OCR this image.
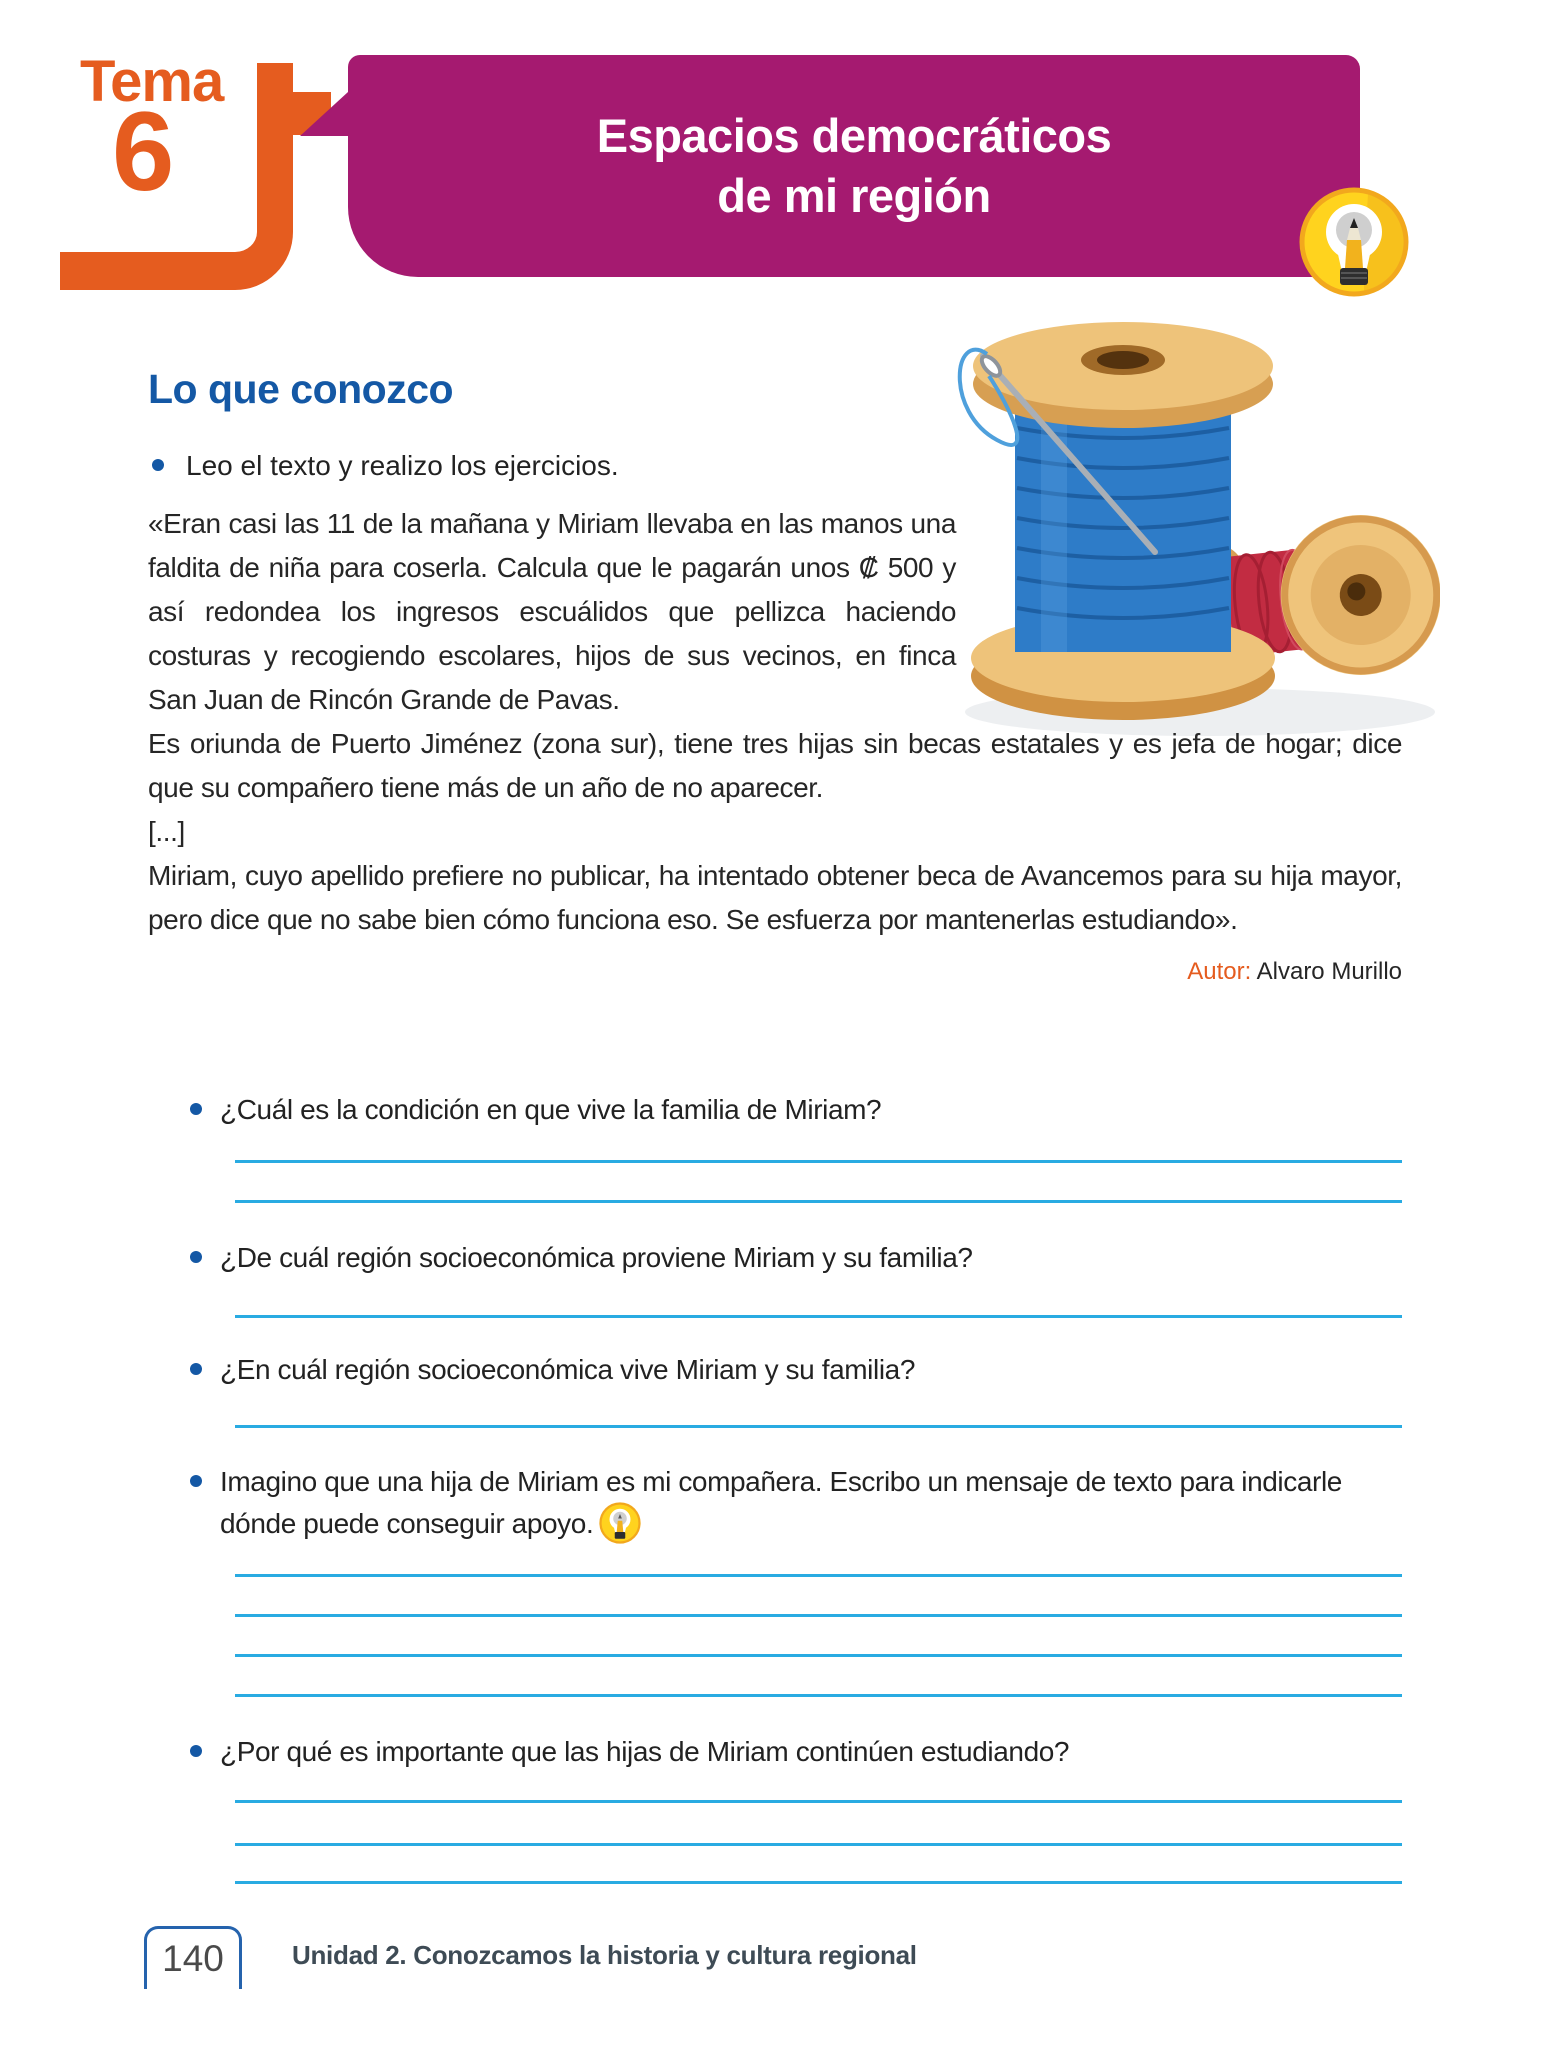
Tema
6	Espacios democráticos
de mi región
Lo que conozco
Leo el texto y realizo los ejercicios.

«Eran casi las 11 de la mañana y Miriam llevaba en las manos una faldita de niña para coserla. Calcula que le pagarán unos ₡ 500 y así redondea los ingresos escuálidos que pellizca haciendo costuras y recogiendo escolares, hijos de sus vecinos, en finca San Juan de Rincón Grande de Pavas.

Es oriunda de Puerto Jiménez (zona sur), tiene tres hijas sin becas estatales y es jefa de hogar; dice que su compañero tiene más de un año de no aparecer.

[...]

Miriam, cuyo apellido prefiere no publicar, ha intentado obtener beca de Avancemos para su hija mayor, pero dice que no sabe bien cómo funciona eso. Se esfuerza por mantenerlas estudiando».

Autor: Alvaro Murillo
¿Cuál es la condición en que vive la familia de Miriam?
¿De cuál región socioeconómica proviene Miriam y su familia?
¿En cuál región socioeconómica vive Miriam y su familia?
Imagino que una hija de Miriam es mi compañera. Escribo un mensaje de texto para indicarle dónde puede conseguir apoyo.
¿Por qué es importante que las hijas de Miriam continúen estudiando?
140	Unidad 2. Conozcamos la historia y cultura regional
